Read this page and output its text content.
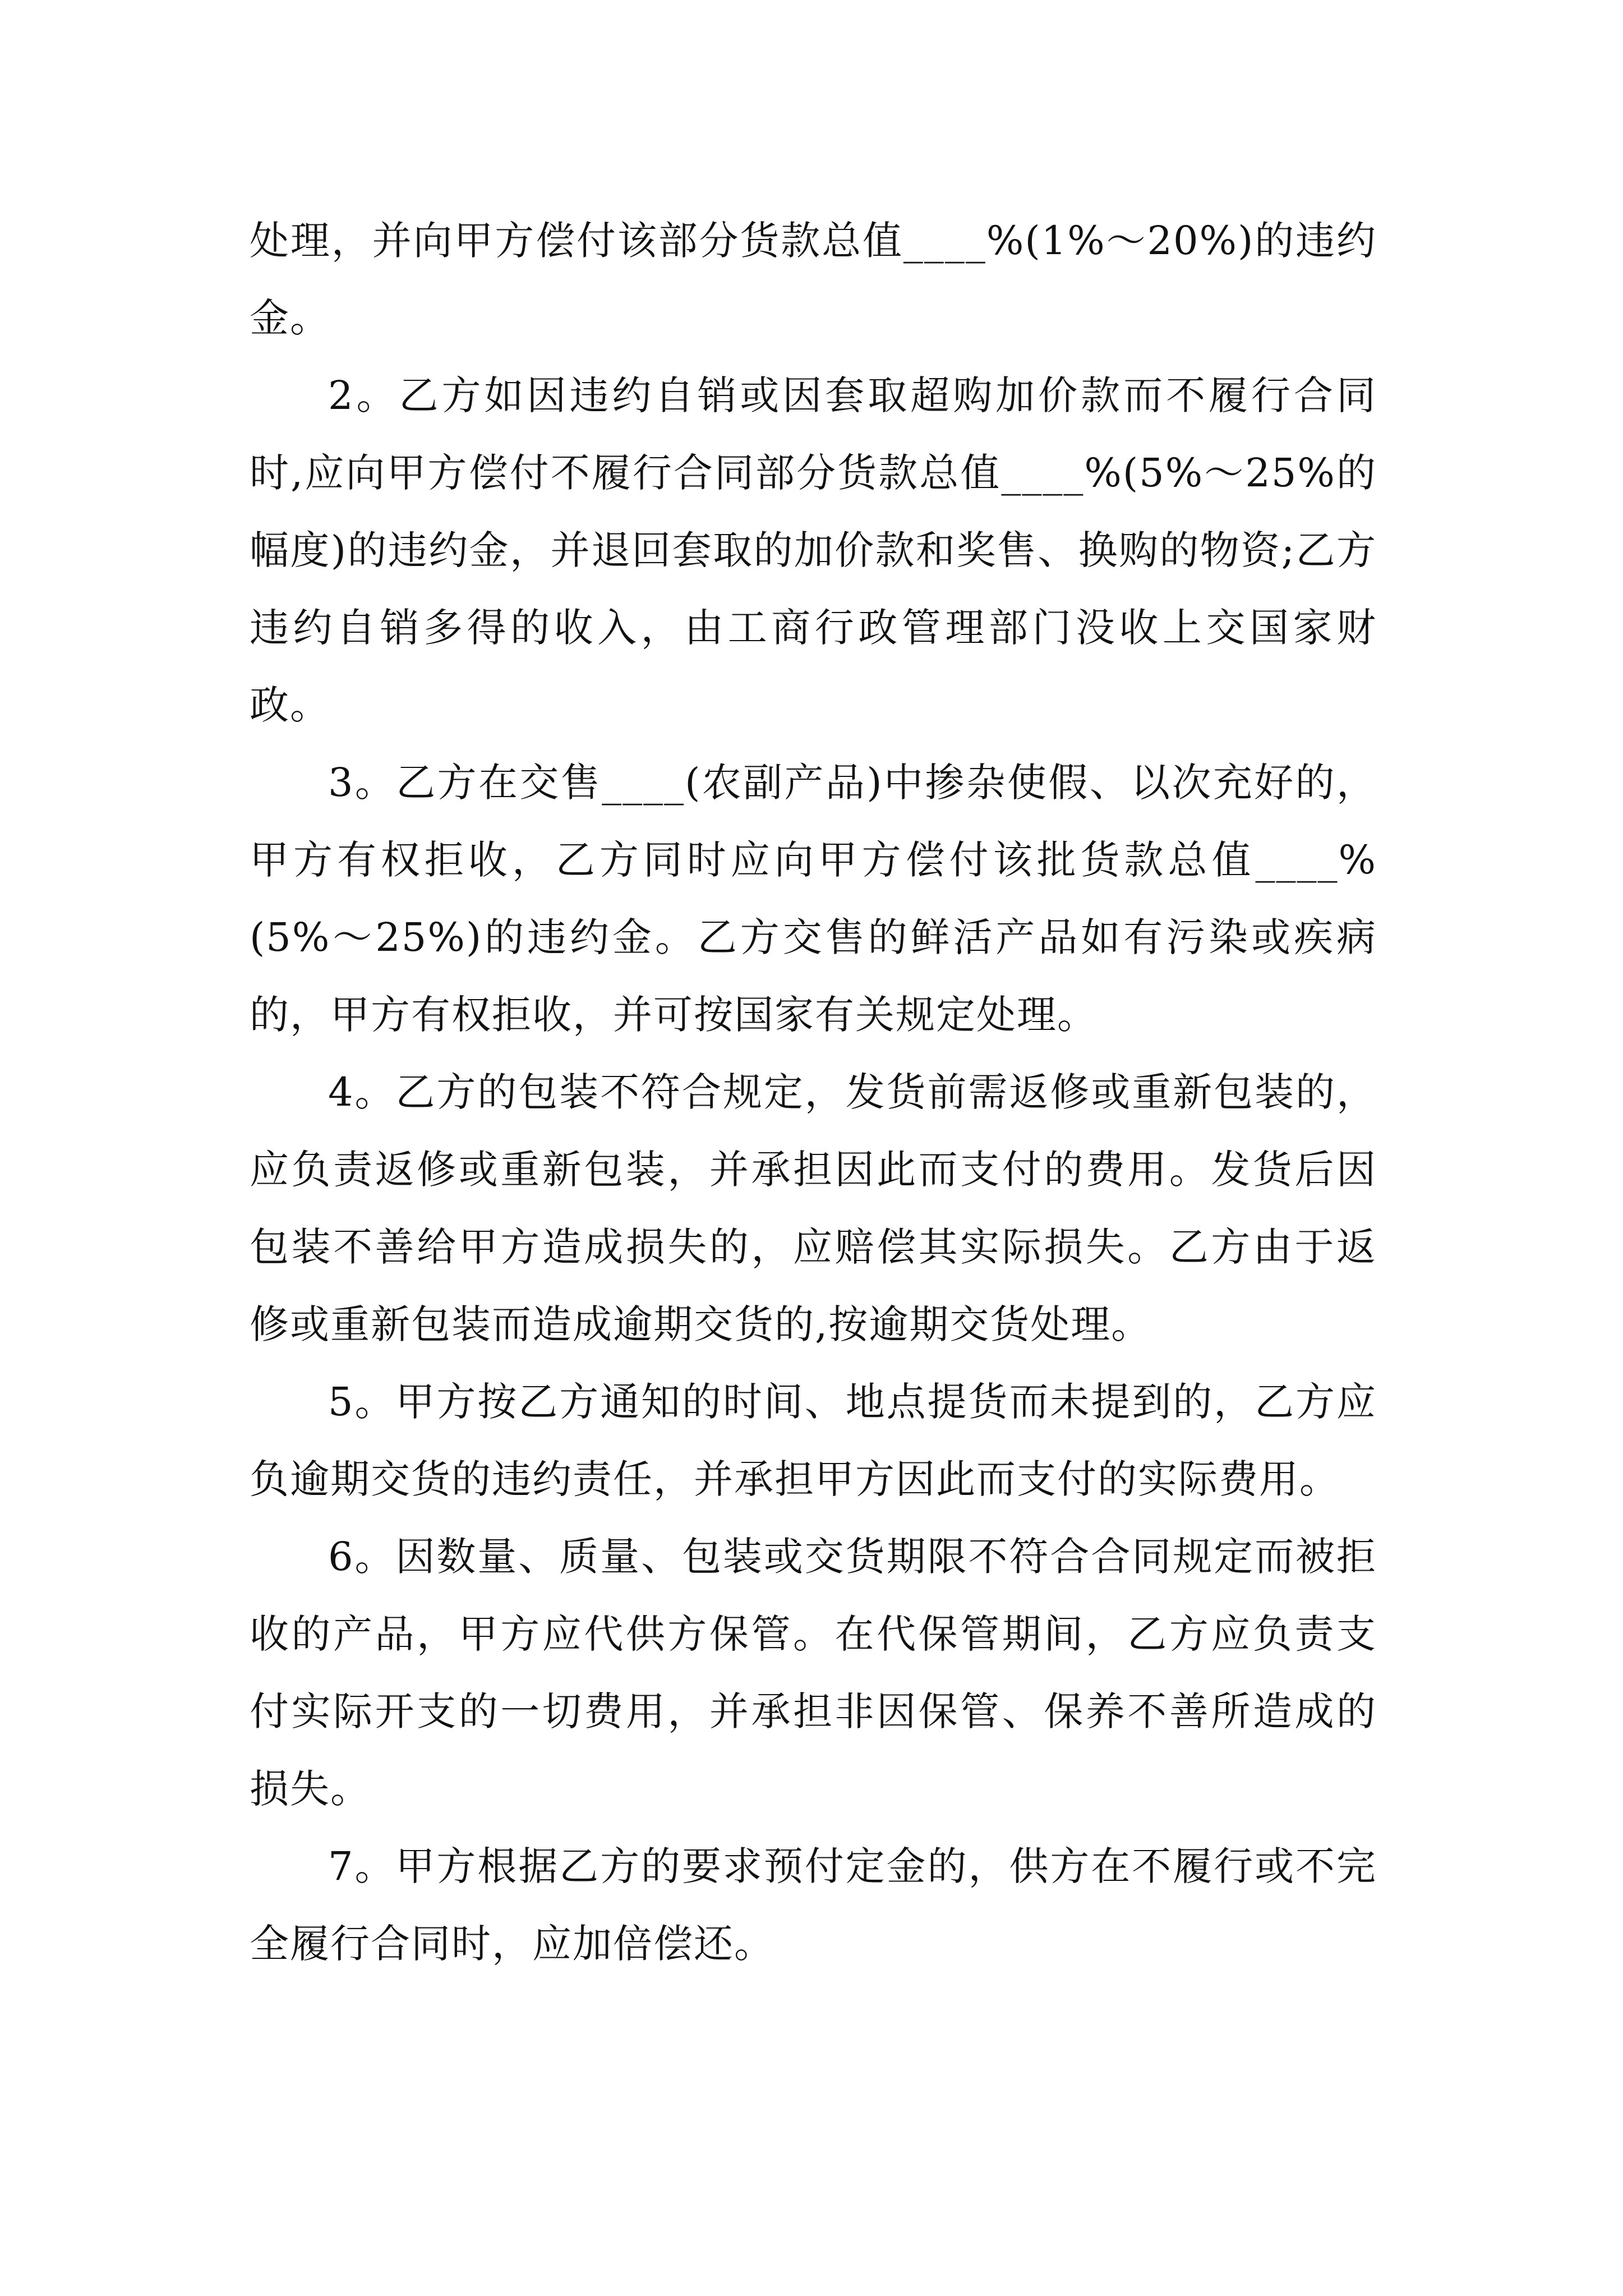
处理，并向甲方偿付该部分货款总值____%(1%～20%)的违约金。

2。乙方如因违约自销或因套取超购加价款而不履行合同时,应向甲方偿付不履行合同部分货款总值____%(5%～25%的幅度)的违约金，并退回套取的加价款和奖售、换购的物资;乙方违约自销多得的收入，由工商行政管理部门没收上交国家财政。

3。乙方在交售____(农副产品)中掺杂使假、以次充好的，甲方有权拒收，乙方同时应向甲方偿付该批货款总值____%(5%～25%)的违约金。乙方交售的鲜活产品如有污染或疾病的，甲方有权拒收，并可按国家有关规定处理。

4。乙方的包装不符合规定，发货前需返修或重新包装的，应负责返修或重新包装，并承担因此而支付的费用。发货后因包装不善给甲方造成损失的，应赔偿其实际损失。乙方由于返修或重新包装而造成逾期交货的,按逾期交货处理。

5。甲方按乙方通知的时间、地点提货而未提到的，乙方应负逾期交货的违约责任，并承担甲方因此而支付的实际费用。

6。因数量、质量、包装或交货期限不符合合同规定而被拒收的产品，甲方应代供方保管。在代保管期间，乙方应负责支付实际开支的一切费用，并承担非因保管、保养不善所造成的损失。

7。甲方根据乙方的要求预付定金的，供方在不履行或不完全履行合同时，应加倍偿还。
